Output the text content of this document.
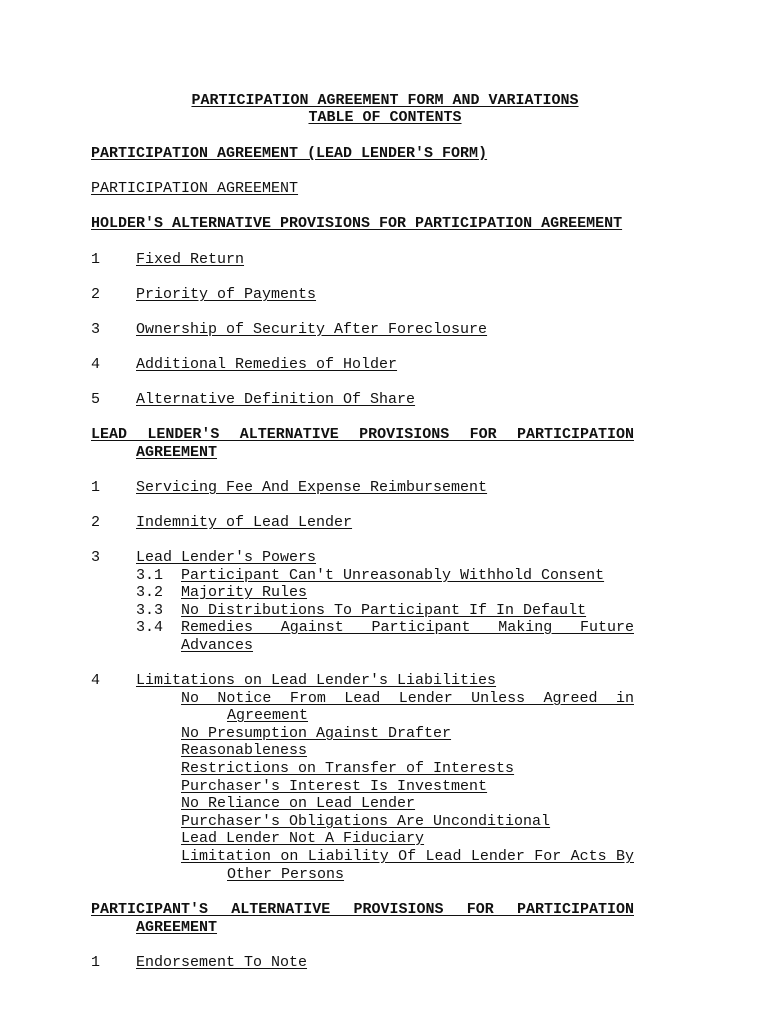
PARTICIPATION AGREEMENT FORM AND VARIATIONS
TABLE OF CONTENTS
PARTICIPATION AGREEMENT (LEAD LENDER'S FORM)
PARTICIPATION AGREEMENT
HOLDER'S ALTERNATIVE PROVISIONS FOR PARTICIPATION AGREEMENT
1 Fixed Return
2 Priority of Payments
3 Ownership of Security After Foreclosure
4 Additional Remedies of Holder
5 Alternative Definition Of Share
LEAD LENDER'S ALTERNATIVE PROVISIONS FOR PARTICIPATION
AGREEMENT
1 Servicing Fee And Expense Reimbursement
2 Indemnity of Lead Lender
3 Lead Lender's Powers
3.1 Participant Can't Unreasonably Withhold Consent
3.2 Majority Rules
3.3 No Distributions To Participant If In Default
3.4 Remedies Against Participant Making Future
Advances
4 Limitations on Lead Lender's Liabilities
No Notice From Lead Lender Unless Agreed in
Agreement
No Presumption Against Drafter
Reasonableness
Restrictions on Transfer of Interests
Purchaser's Interest Is Investment
No Reliance on Lead Lender
Purchaser's Obligations Are Unconditional
Lead Lender Not A Fiduciary
Limitation on Liability Of Lead Lender For Acts By
Other Persons
PARTICIPANT'S ALTERNATIVE PROVISIONS FOR PARTICIPATION
AGREEMENT
1 Endorsement To Note
